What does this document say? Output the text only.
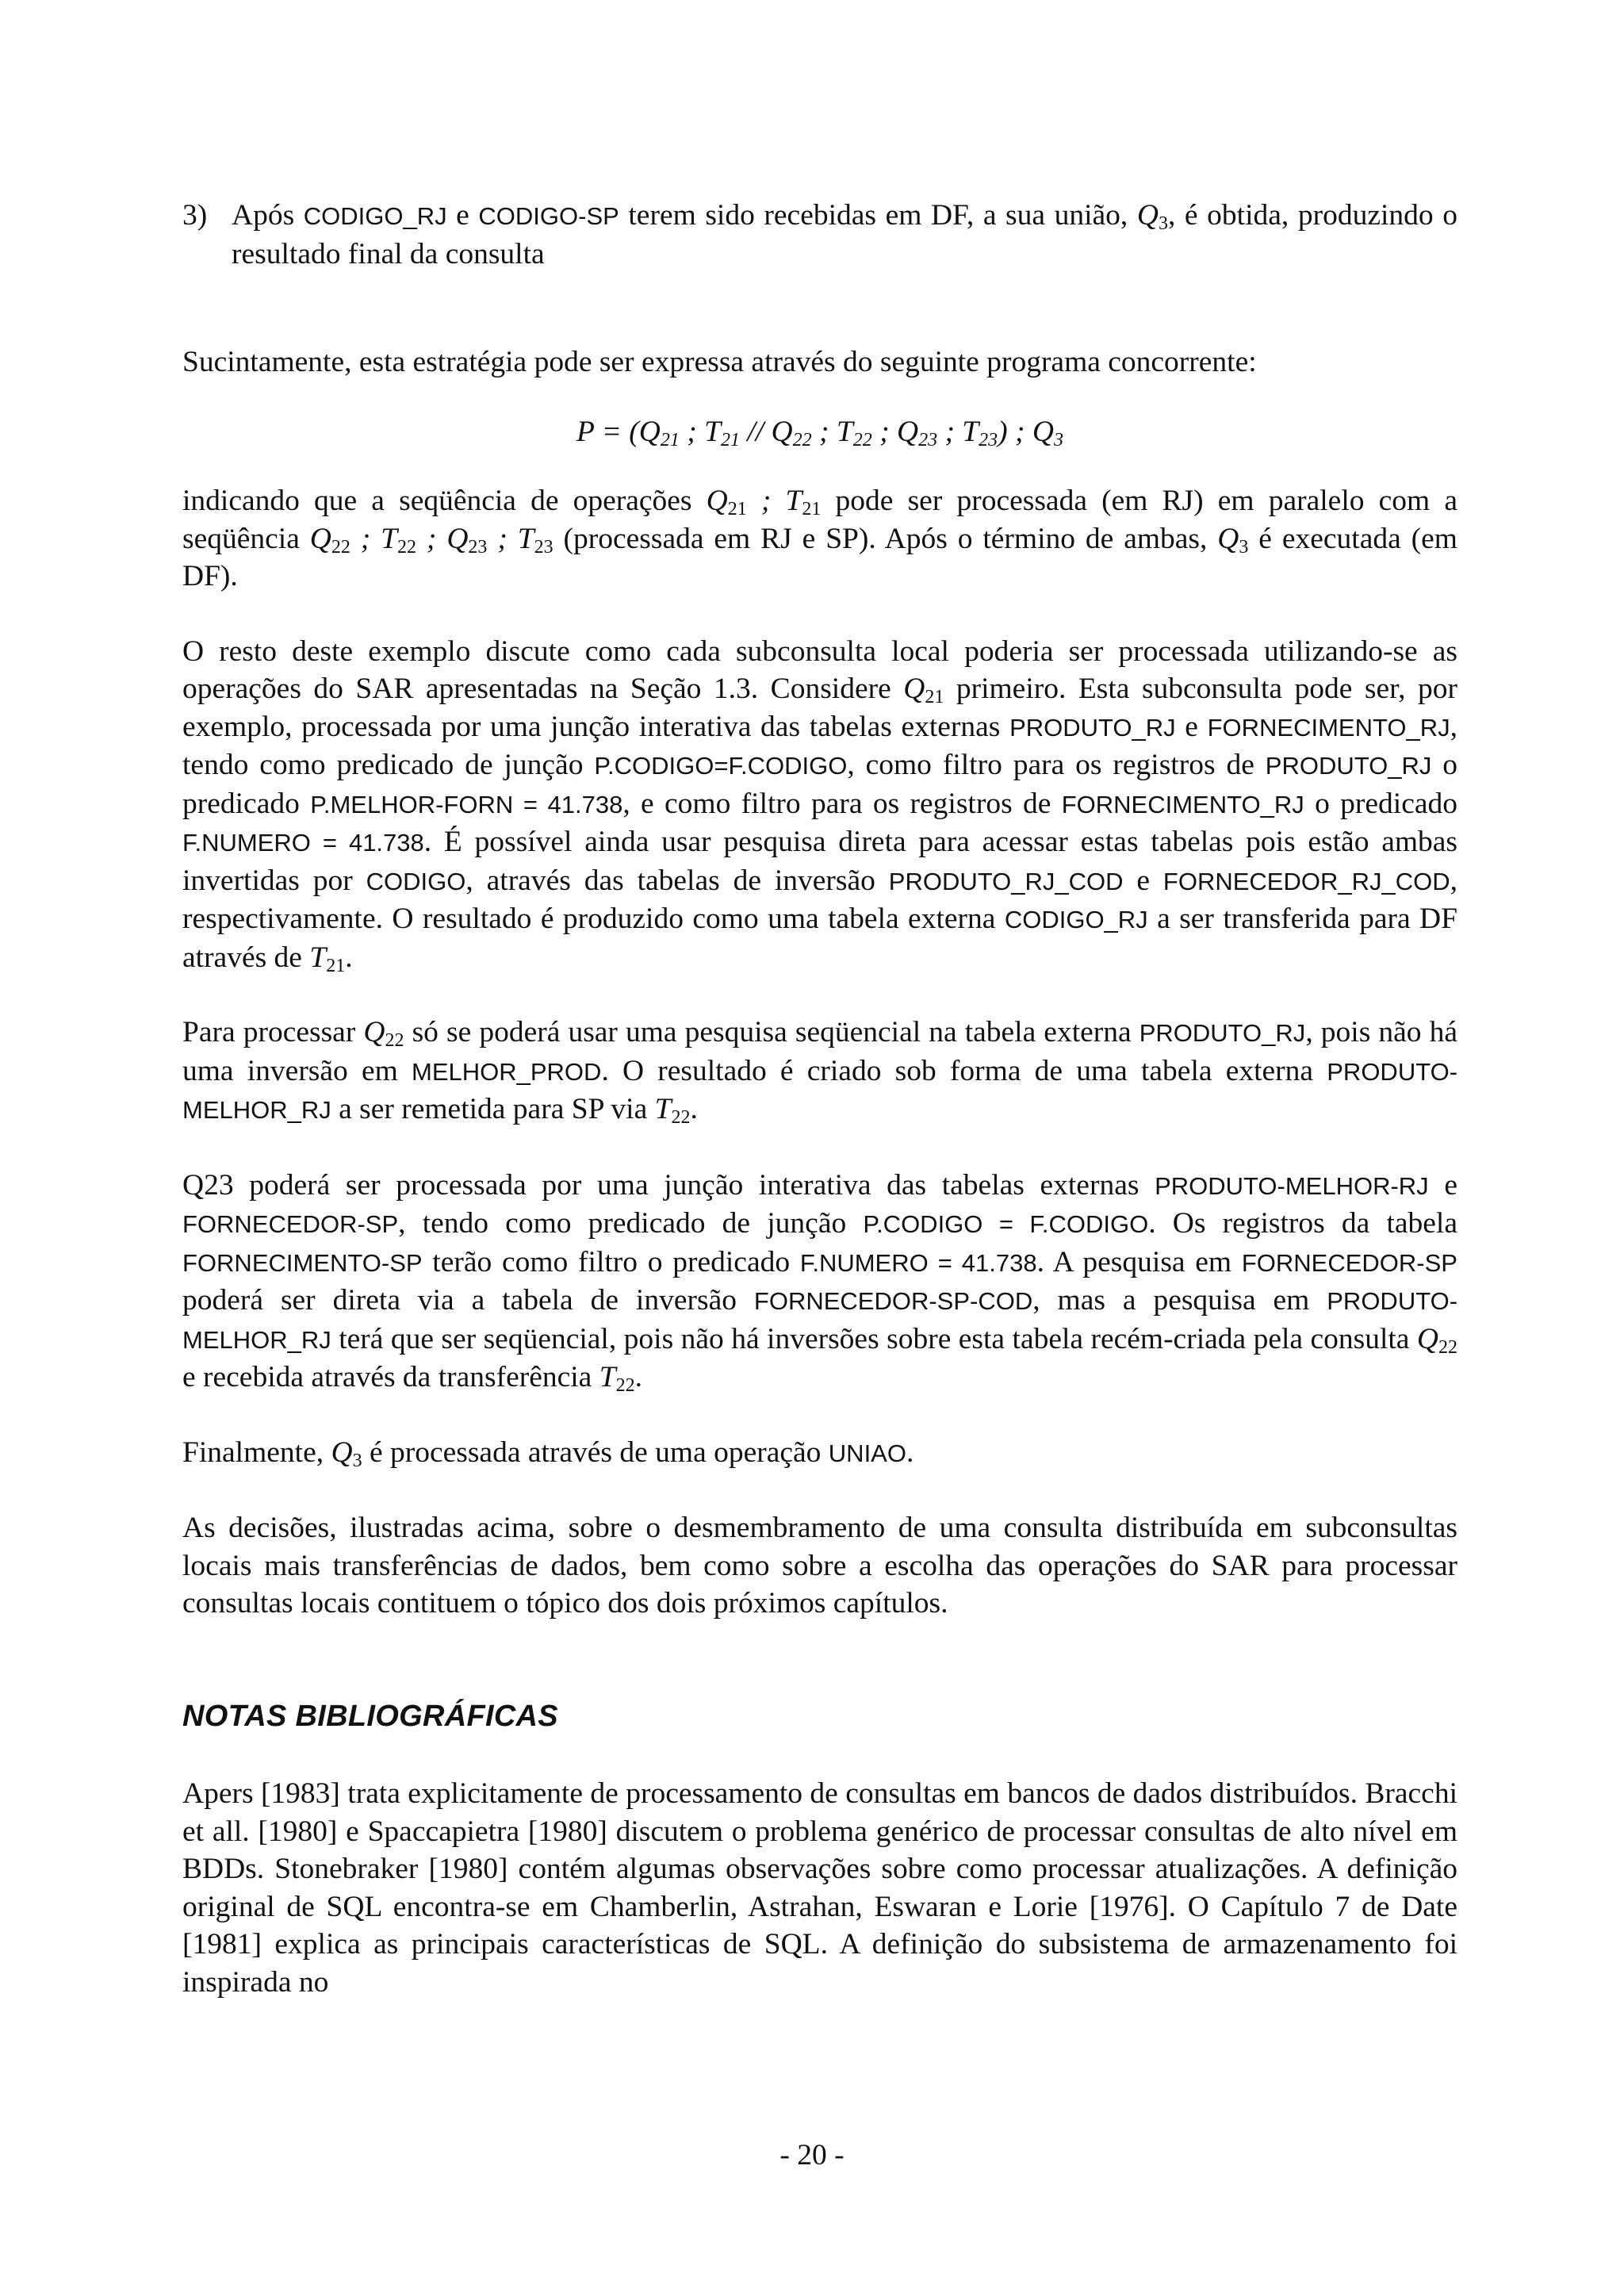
3) Após CODIGO_RJ e CODIGO-SP terem sido recebidas em DF, a sua união, $Q_3$, é obtida, produzindo o resultado final da consulta

Sucintamente, esta estratégia pode ser expressa através do seguinte programa concorrente:

$P = (Q_{21}$ ; $T_{21} // Q_{22}$ ; $T_{22}$ ; $Q_{23}$ ; $T_{23}$) ; $Q_3$

indicando que a seqüência de operações $Q_{21}$ ; $T_{21}$ pode ser processada (em RJ) em paralelo com a seqüência $Q_{22}$ ; $T_{22}$ ; $Q_{23}$ ; $T_{23}$ (processada em RJ e SP). Após o término de ambas, $Q_3$ é executada (em DF).

O resto deste exemplo discute como cada subconsulta local poderia ser processada utilizando-se as operações do SAR apresentadas na Seção 1.3. Considere $Q_{21}$ primeiro. Esta subconsulta pode ser, por exemplo, processada por uma junção interativa das tabelas externas PRODUTO_RJ e FORNECIMENTO_RJ, tendo como predicado de junção P.CODIGO=F.CODIGO, como filtro para os registros de PRODUTO_RJ o predicado P.MELHOR-FORN = 41.738, e como filtro para os registros de FORNECIMENTO_RJ o predicado F.NUMERO = 41.738. É possível ainda usar pesquisa direta para acessar estas tabelas pois estão ambas invertidas por CODIGO, através das tabelas de inversão PRODUTO_RJ_COD e FORNECEDOR_RJ_COD, respectivamente. O resultado é produzido como uma tabela externa CODIGO_RJ a ser transferida para DF através de $T_{21}$.

Para processar $Q_{22}$ só se poderá usar uma pesquisa seqüencial na tabela externa PRODUTO_RJ, pois não há uma inversão em MELHOR_PROD. O resultado é criado sob forma de uma tabela externa PRODUTO-MELHOR_RJ a ser remetida para SP via $T_{22}$.

Q23 poderá ser processada por uma junção interativa das tabelas externas PRODUTO-MELHOR-RJ e FORNECEDOR-SP, tendo como predicado de junção P.CODIGO = F.CODIGO. Os registros da tabela FORNECIMENTO-SP terão como filtro o predicado F.NUMERO = 41.738. A pesquisa em FORNECEDOR-SP poderá ser direta via a tabela de inversão FORNECEDOR-SP-COD, mas a pesquisa em PRODUTO-MELHOR_RJ terá que ser seqüencial, pois não há inversões sobre esta tabela recém-criada pela consulta $Q_{22}$ e recebida através da transferência $T_{22}$.

Finalmente, $Q_3$ é processada através de uma operação UNIAO.

As decisões, ilustradas acima, sobre o desmembramento de uma consulta distribuída em subconsultas locais mais transferências de dados, bem como sobre a escolha das operações do SAR para processar consultas locais contituem o tópico dos dois próximos capítulos.

NOTAS BIBLIOGRÁFICAS

Apers [1983] trata explicitamente de processamento de consultas em bancos de dados distribuídos. Bracchi et all. [1980] e Spaccapietra [1980] discutem o problema genérico de processar consultas de alto nível em BDDs. Stonebraker [1980] contém algumas observações sobre como processar atualizações. A definição original de SQL encontra-se em Chamberlin, Astrahan, Eswaran e Lorie [1976]. O Capítulo 7 de Date [1981] explica as principais características de SQL. A definição do subsistema de armazenamento foi inspirada no

- 20 -
